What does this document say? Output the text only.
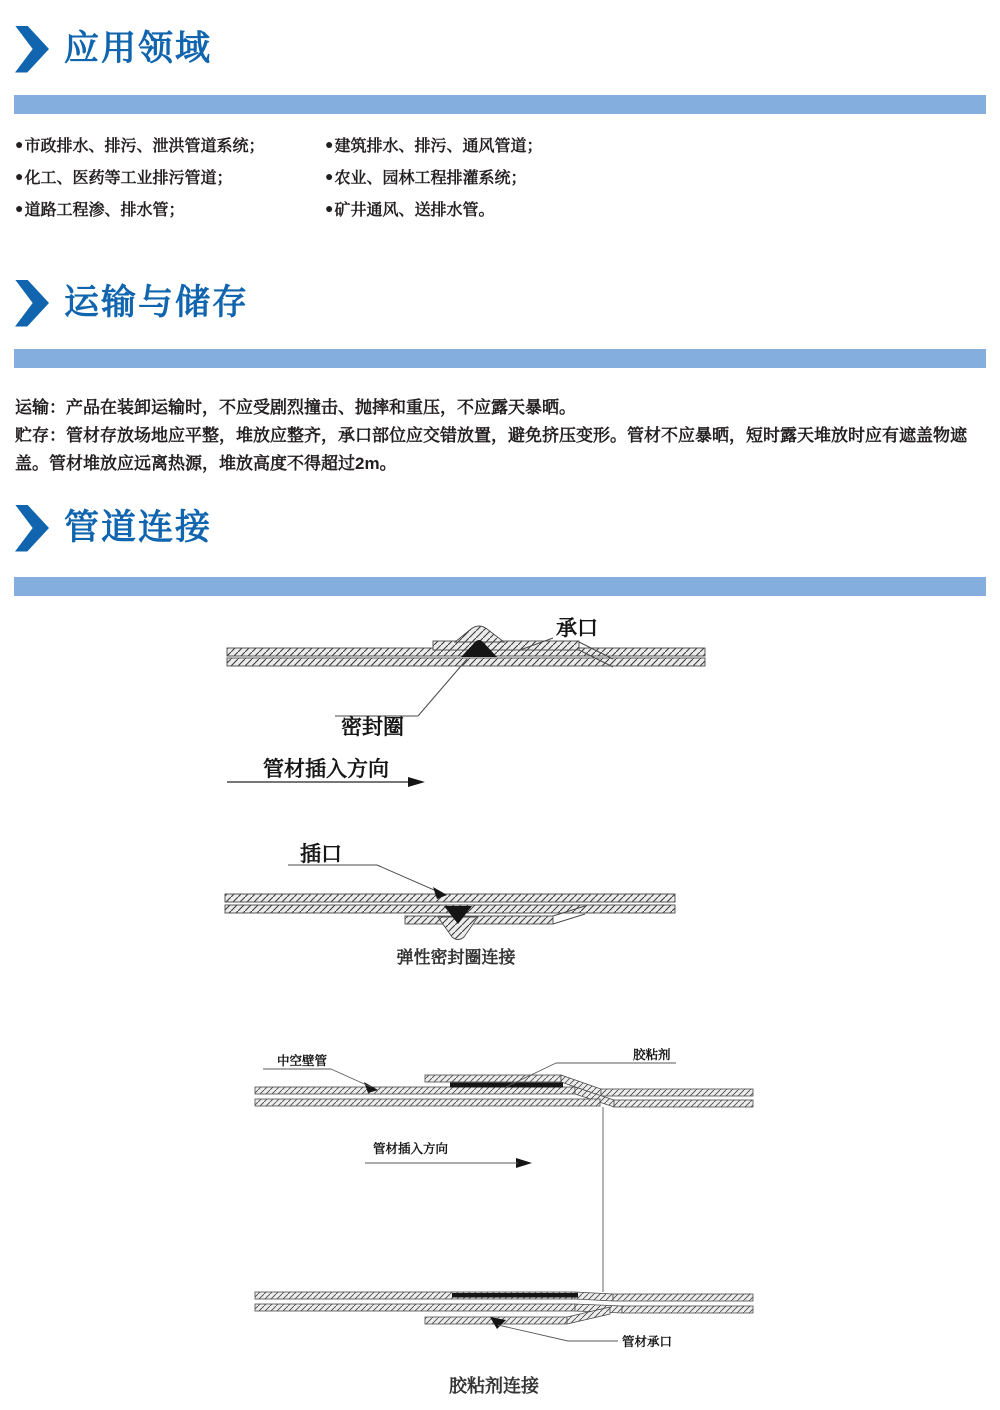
应用领域
● 市政排水、排污、泄洪管道系统；	● 建筑排水、排污、通风管道；
● 化工、医药等工业排污管道；	● 农业、园林工程排灌系统；
● 道路工程渗、排水管；	● 矿井通风、送排水管。
运输与储存

运输：产品在装卸运输时，不应受剧烈撞击、抛摔和重压，不应露天暴晒。

贮存：管材存放场地应平整，堆放应整齐，承口部位应交错放置，避免挤压变形。管材不应暴晒，短时露天堆放时应有遮盖物遮盖。管材堆放应远离热源，堆放高度不得超过2m。

管道连接
承口
密封圈
管材插入方向
插口
弹性密封圈连接
中空壁管	胶粘剂
管材插入方向
管材承口
胶粘剂连接
